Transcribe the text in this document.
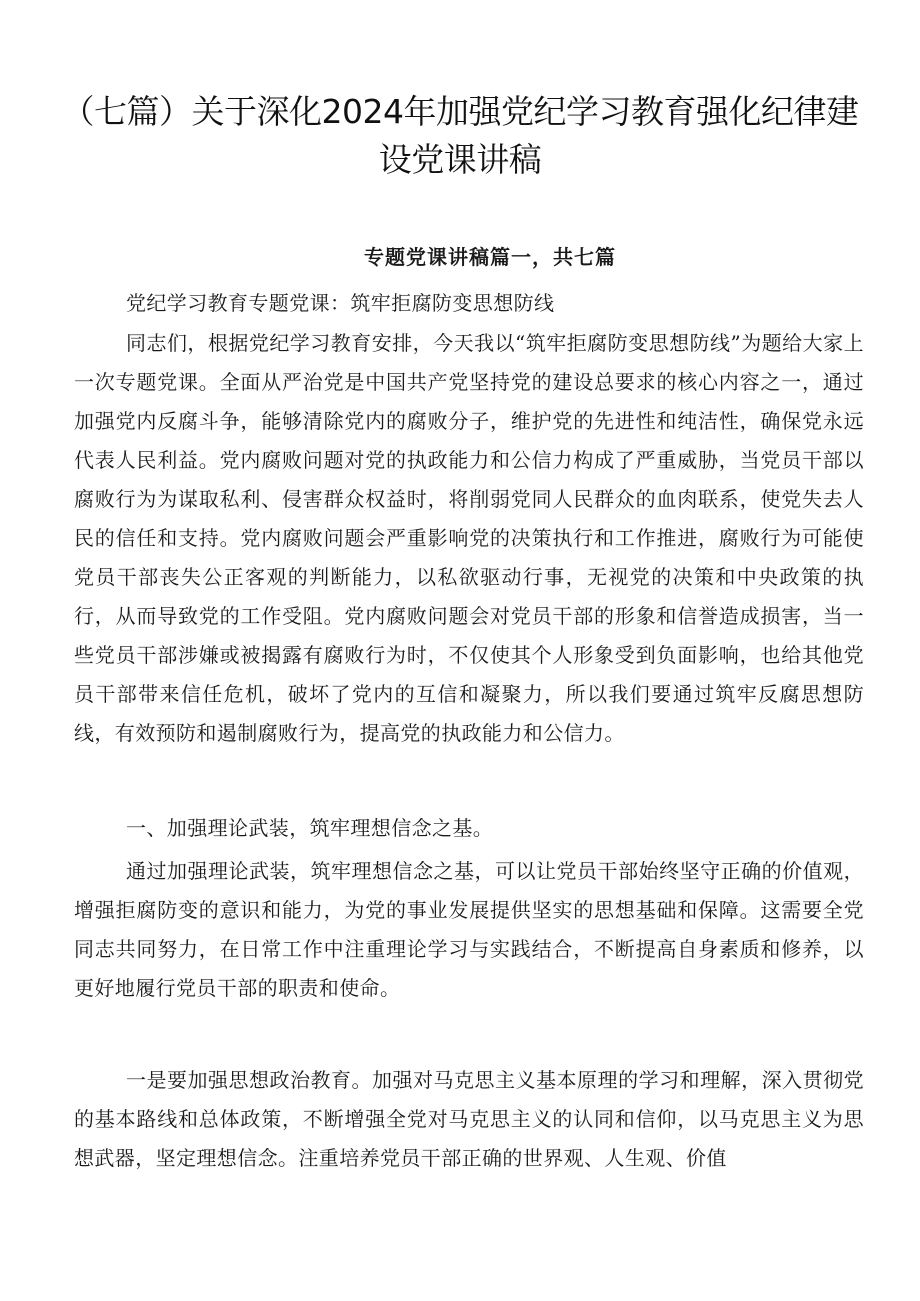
（七篇）关于深化2024年加强党纪学习教育强化纪律建设党课讲稿
专题党课讲稿篇一，共七篇

党纪学习教育专题党课：筑牢拒腐防变思想防线

同志们，根据党纪学习教育安排，今天我以“筑牢拒腐防变思想防线”为题给大家上一次专题党课。全面从严治党是中国共产党坚持党的建设总要求的核心内容之一，通过加强党内反腐斗争，能够清除党内的腐败分子，维护党的先进性和纯洁性，确保党永远代表人民利益。党内腐败问题对党的执政能力和公信力构成了严重威胁，当党员干部以腐败行为为谋取私利、侵害群众权益时，将削弱党同人民群众的血肉联系，使党失去人民的信任和支持。党内腐败问题会严重影响党的决策执行和工作推进，腐败行为可能使党员干部丧失公正客观的判断能力，以私欲驱动行事，无视党的决策和中央政策的执行，从而导致党的工作受阻。党内腐败问题会对党员干部的形象和信誉造成损害，当一些党员干部涉嫌或被揭露有腐败行为时，不仅使其个人形象受到负面影响，也给其他党员干部带来信任危机，破坏了党内的互信和凝聚力，所以我们要通过筑牢反腐思想防线，有效预防和遏制腐败行为，提高党的执政能力和公信力。

一、加强理论武装，筑牢理想信念之基。

通过加强理论武装，筑牢理想信念之基，可以让党员干部始终坚守正确的价值观，增强拒腐防变的意识和能力，为党的事业发展提供坚实的思想基础和保障。这需要全党同志共同努力，在日常工作中注重理论学习与实践结合，不断提高自身素质和修养，以更好地履行党员干部的职责和使命。

一是要加强思想政治教育。加强对马克思主义基本原理的学习和理解，深入贯彻党的基本路线和总体政策，不断增强全党对马克思主义的认同和信仰，以马克思主义为思想武器，坚定理想信念。注重培养党员干部正确的世界观、人生观、价值
